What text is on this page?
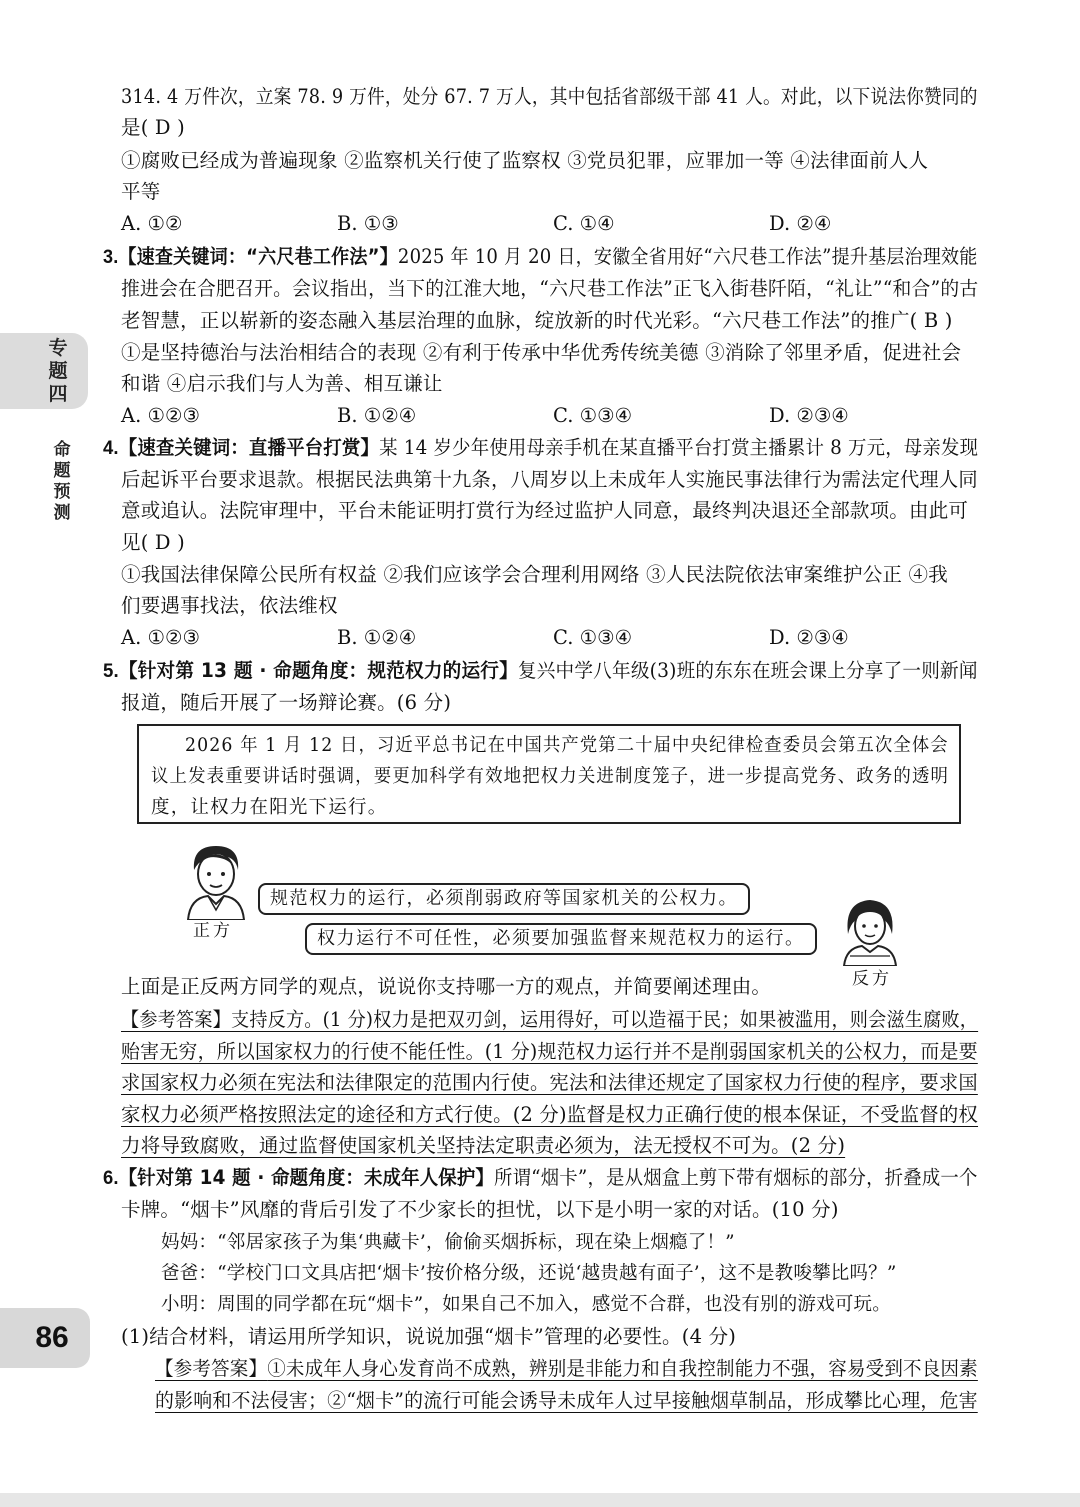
专
题
四
命
题
预
测
314. 4 万件次，立案 78. 9 万件，处分 67. 7 万人，其中包括省部级干部 41 人。对此，以下说法你赞同的
是( D )
①腐败已经成为普遍现象 ②监察机关行使了监察权 ③党员犯罪，应罪加一等 ④法律面前人人
平等
A. ①②	B. ①③	C. ①④	D. ②④
3.【速查关键词：“六尺巷工作法”】2025 年 10 月 20 日，安徽全省用好“六尺巷工作法”提升基层治理效能
推进会在合肥召开。会议指出，当下的江淮大地，“六尺巷工作法”正飞入街巷阡陌，“礼让”“和合”的古
老智慧，正以崭新的姿态融入基层治理的血脉，绽放新的时代光彩。“六尺巷工作法”的推广( B )
①是坚持德治与法治相结合的表现 ②有利于传承中华优秀传统美德 ③消除了邻里矛盾，促进社会
和谐 ④启示我们与人为善、相互谦让
A. ①②③	B. ①②④	C. ①③④	D. ②③④
4.【速查关键词：直播平台打赏】某 14 岁少年使用母亲手机在某直播平台打赏主播累计 8 万元，母亲发现
后起诉平台要求退款。根据民法典第十九条，八周岁以上未成年人实施民事法律行为需法定代理人同
意或追认。法院审理中，平台未能证明打赏行为经过监护人同意，最终判决退还全部款项。由此可
见( D )
①我国法律保障公民所有权益 ②我们应该学会合理利用网络 ③人民法院依法审案维护公正 ④我
们要遇事找法，依法维权
A. ①②③	B. ①②④	C. ①③④	D. ②③④
5.【针对第 13 题 · 命题角度：规范权力的运行】复兴中学八年级(3)班的东东在班会课上分享了一则新闻
报道，随后开展了一场辩论赛。(6 分)
2026 年 1 月 12 日，习近平总书记在中国共产党第二十届中央纪律检查委员会第五次全体会
议上发表重要讲话时强调，要更加科学有效地把权力关进制度笼子，进一步提高党务、政务的透明
度，让权力在阳光下运行。
正方
规范权力的运行，必须削弱政府等国家机关的公权力。
反方
权力运行不可任性，必须要加强监督来规范权力的运行。
上面是正反两方同学的观点，说说你支持哪一方的观点，并简要阐述理由。
【参考答案】支持反方。(1 分)权力是把双刃剑，运用得好，可以造福于民；如果被滥用，则会滋生腐败，
贻害无穷，所以国家权力的行使不能任性。(1 分)规范权力运行并不是削弱国家机关的公权力，而是要
求国家权力必须在宪法和法律限定的范围内行使。宪法和法律还规定了国家权力行使的程序，要求国
家权力必须严格按照法定的途径和方式行使。(2 分)监督是权力正确行使的根本保证，不受监督的权
力将导致腐败，通过监督使国家机关坚持法定职责必须为，法无授权不可为。(2 分)
6.【针对第 14 题 · 命题角度：未成年人保护】所谓“烟卡”，是从烟盒上剪下带有烟标的部分，折叠成一个
卡牌。“烟卡”风靡的背后引发了不少家长的担忧，以下是小明一家的对话。(10 分)
妈妈：“邻居家孩子为集‘典藏卡’，偷偷买烟拆标，现在染上烟瘾了！”
爸爸：“学校门口文具店把‘烟卡’按价格分级，还说‘越贵越有面子’，这不是教唆攀比吗？”
小明：周围的同学都在玩“烟卡”，如果自己不加入，感觉不合群，也没有别的游戏可玩。
(1)结合材料，请运用所学知识，说说加强“烟卡”管理的必要性。(4 分)
【参考答案】①未成年人身心发育尚不成熟，辨别是非能力和自我控制能力不强，容易受到不良因素
的影响和不法侵害；②“烟卡”的流行可能会诱导未成年人过早接触烟草制品，形成攀比心理，危害
86
